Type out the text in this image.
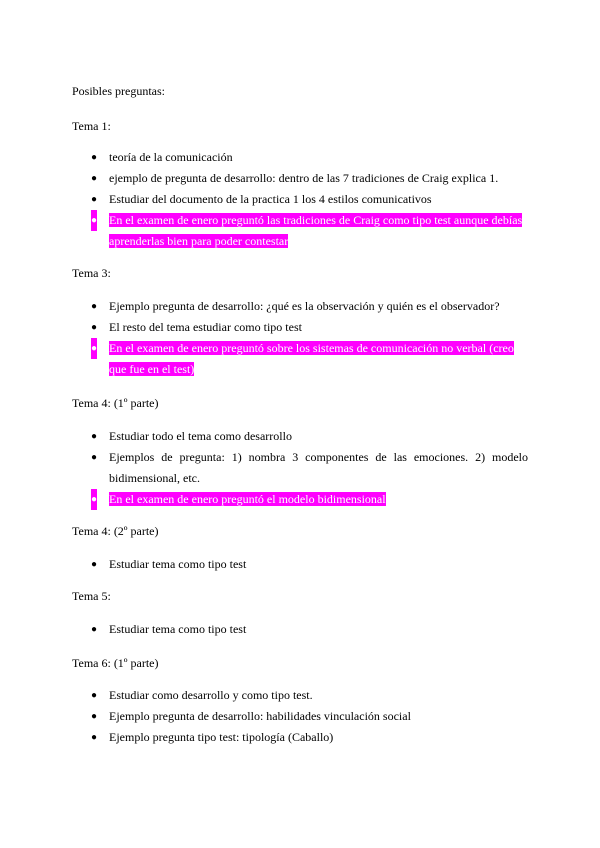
Posibles preguntas:
Tema 1:
● teoría de la comunicación
● ejemplo de pregunta de desarrollo: dentro de las 7 tradiciones de Craig explica 1.
● Estudiar del documento de la practica 1 los 4 estilos comunicativos
● En el examen de enero preguntó las tradiciones de Craig como tipo test aunque debías aprenderlas bien para poder contestar
Tema 3:
● Ejemplo pregunta de desarrollo: ¿qué es la observación y quién es el observador?
● El resto del tema estudiar como tipo test
● En el examen de enero preguntó sobre los sistemas de comunicación no verbal (creo que fue en el test)
Tema 4: (1º parte)
● Estudiar todo el tema como desarrollo
● Ejemplos de pregunta: 1) nombra 3 componentes de las emociones. 2) modelo bidimensional, etc.
● En el examen de enero preguntó el modelo bidimensional
Tema 4: (2º parte)
● Estudiar tema como tipo test
Tema 5:
● Estudiar tema como tipo test
Tema 6: (1º parte)
● Estudiar como desarrollo y como tipo test.
● Ejemplo pregunta de desarrollo: habilidades vinculación social
● Ejemplo pregunta tipo test: tipología (Caballo)
